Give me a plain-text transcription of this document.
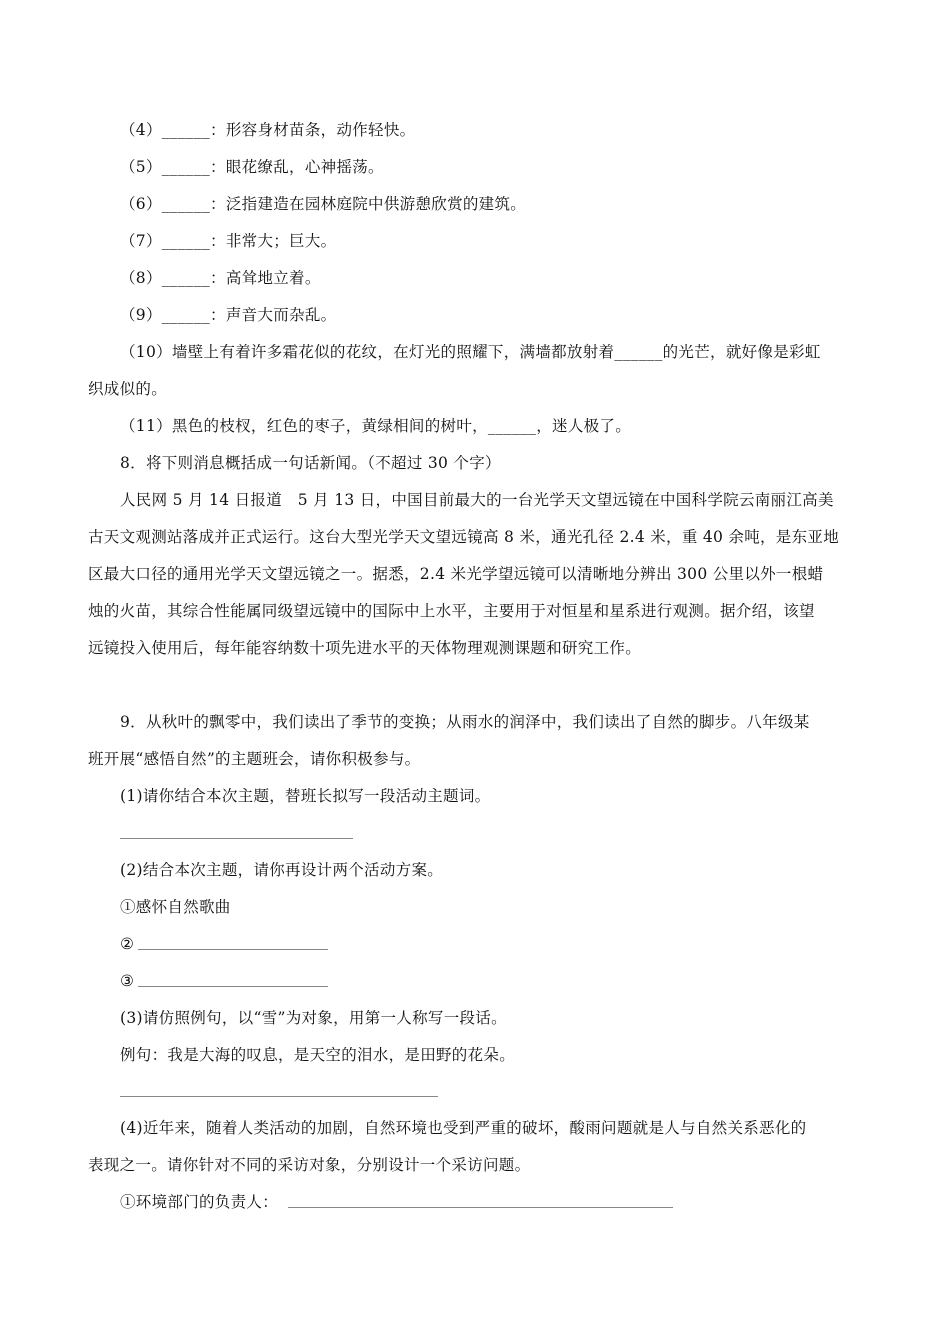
（4）______：形容身材苗条，动作轻快。
（5）______：眼花缭乱，心神摇荡。
（6）______：泛指建造在园林庭院中供游憩欣赏的建筑。
（7）______：非常大；巨大。
（8）______：高耸地立着。
（9）______：声音大而杂乱。
（10）墙壁上有着许多霜花似的花纹，在灯光的照耀下，满墙都放射着______的光芒，就好像是彩虹
织成似的。
（11）黑色的枝杈，红色的枣子，黄绿相间的树叶，______，迷人极了。
8．将下则消息概括成一句话新闻。（不超过 30 个字）
人民网 5 月 14 日报道　5 月 13 日，中国目前最大的一台光学天文望远镜在中国科学院云南丽江高美
古天文观测站落成并正式运行。这台大型光学天文望远镜高 8 米，通光孔径 2.4 米，重 40 余吨，是东亚地
区最大口径的通用光学天文望远镜之一。据悉，2.4 米光学望远镜可以清晰地分辨出 300 公里以外一根蜡
烛的火苗，其综合性能属同级望远镜中的国际中上水平，主要用于对恒星和星系进行观测。据介绍，该望
远镜投入使用后，每年能容纳数十项先进水平的天体物理观测课题和研究工作。
9．从秋叶的飘零中，我们读出了季节的变换；从雨水的润泽中，我们读出了自然的脚步。八年级某
班开展“感悟自然”的主题班会，请你积极参与。
(1)请你结合本次主题，替班长拟写一段活动主题词。
(2)结合本次主题，请你再设计两个活动方案。
①感怀自然歌曲
②
③
(3)请仿照例句，以“雪”为对象，用第一人称写一段话。
例句：我是大海的叹息，是天空的泪水，是田野的花朵。
(4)近年来，随着人类活动的加剧，自然环境也受到严重的破坏，酸雨问题就是人与自然关系恶化的
表现之一。请你针对不同的采访对象，分别设计一个采访问题。
①环境部门的负责人：
